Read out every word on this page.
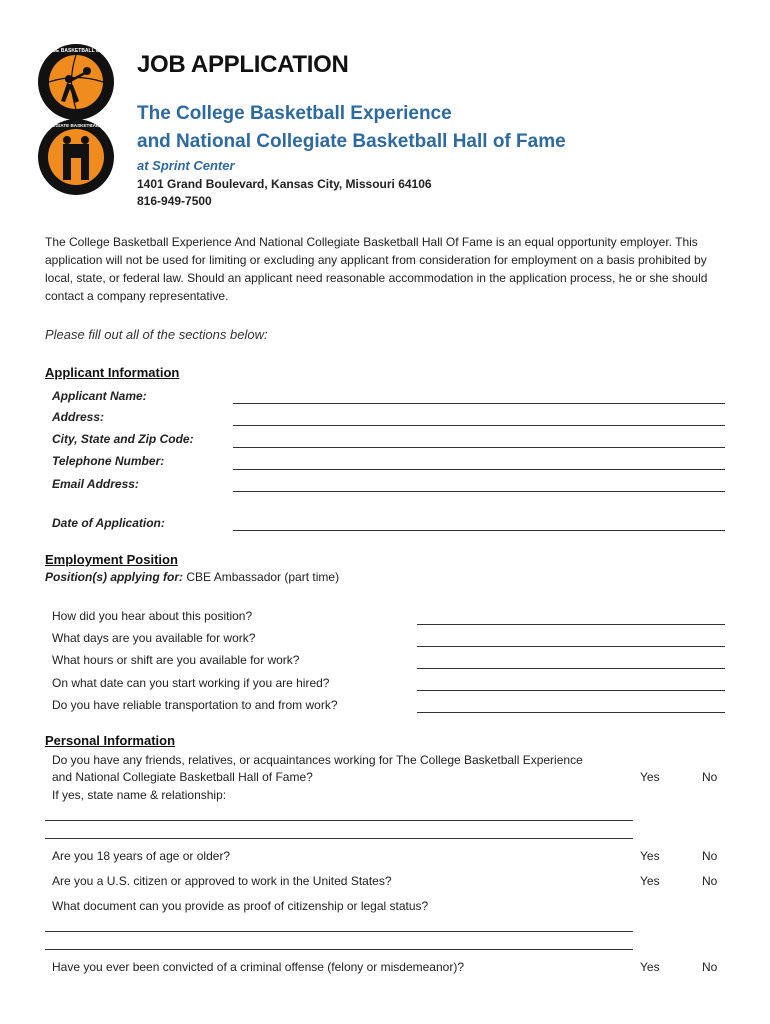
THE COLLEGE BASKETBALL EXPERIENCE
NATIONAL COLLEGIATE BASKETBALL HALL OF FAME
JOB APPLICATION
The College Basketball Experience
and National Collegiate Basketball Hall of Fame
at Sprint Center
1401 Grand Boulevard, Kansas City, Missouri 64106
816-949-7500
The College Basketball Experience And National Collegiate Basketball Hall Of Fame is an equal opportunity employer. This application will not be used for limiting or excluding any applicant from consideration for employment on a basis prohibited by local, state, or federal law. Should an applicant need reasonable accommodation in the application process, he or she should contact a company representative.
Please fill out all of the sections below:
Applicant Information
Applicant Name:
Address:
City, State and Zip Code:
Telephone Number:
Email Address:
Date of Application:
Employment Position
Position(s) applying for: CBE Ambassador (part time)
How did you hear about this position?
What days are you available for work?
What hours or shift are you available for work?
On what date can you start working if you are hired?
Do you have reliable transportation to and from work?
Personal Information
Do you have any friends, relatives, or acquaintances working for The College Basketball Experience
and National Collegiate Basketball Hall of Fame?
If yes, state name & relationship:
Yes	No
Are you 18 years of age or older?	Yes	No
Are you a U.S. citizen or approved to work in the United States?	Yes	No
What document can you provide as proof of citizenship or legal status?
Have you ever been convicted of a criminal offense (felony or misdemeanor)?	Yes	No
